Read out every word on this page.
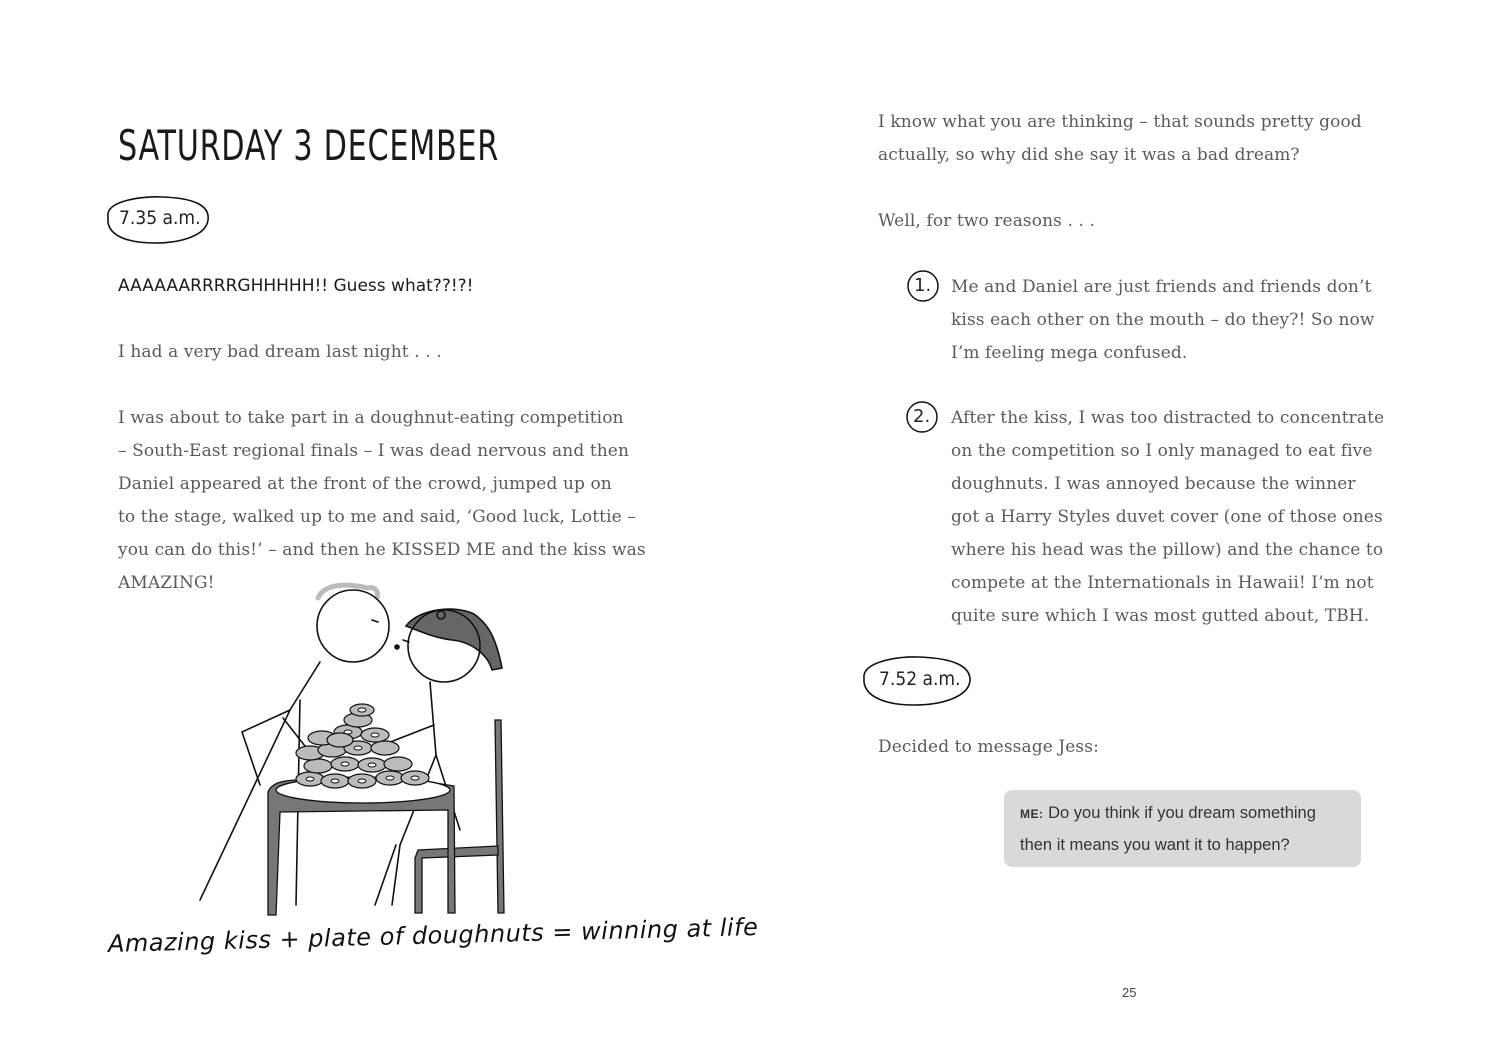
SATURDAY 3 DECEMBER
7.35 a.m.
AAAAAARRRRGHHHHH!! Guess what??!?!
I had a very bad dream last night . . .
I was about to take part in a doughnut-eating competition
– South-East regional finals – I was dead nervous and then
Daniel appeared at the front of the crowd, jumped up on
to the stage, walked up to me and said, ‘Good luck, Lottie –
you can do this!’ – and then he KISSED ME and the kiss was
AMAZING!
Amazing kiss + plate of doughnuts = winning at life
I know what you are thinking – that sounds pretty good
actually, so why did she say it was a bad dream?
Well, for two reasons . . .
1. Me and Daniel are just friends and friends don’t
kiss each other on the mouth – do they?! So now
I’m feeling mega confused.
2. After the kiss, I was too distracted to concentrate
on the competition so I only managed to eat five
doughnuts. I was annoyed because the winner
got a Harry Styles duvet cover (one of those ones
where his head was the pillow) and the chance to
compete at the Internationals in Hawaii! I’m not
quite sure which I was most gutted about, TBH.
7.52 a.m.
Decided to message Jess:
ME: Do you think if you dream something
then it means you want it to happen?
25
